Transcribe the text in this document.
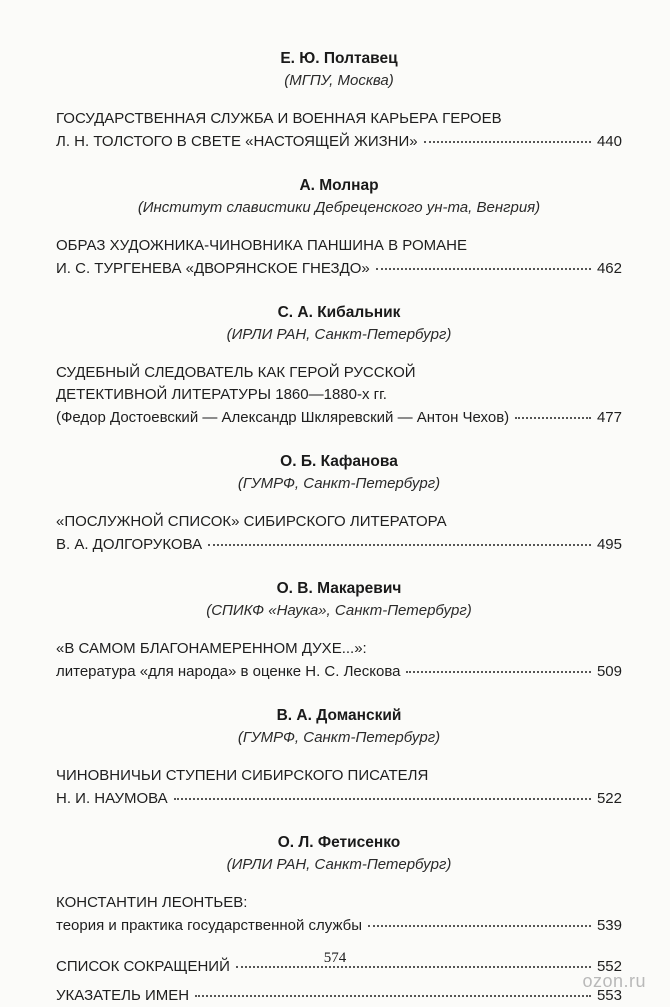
Е. Ю. Полтавец
(МГПУ, Москва)
ГОСУДАРСТВЕННАЯ СЛУЖБА И ВОЕННАЯ КАРЬЕРА ГЕРОЕВ
Л. Н. ТОЛСТОГО В СВЕТЕ «НАСТОЯЩЕЙ ЖИЗНИ»	440
А. Молнар
(Институт славистики Дебреценского ун-та, Венгрия)
ОБРАЗ ХУДОЖНИКА-ЧИНОВНИКА ПАНШИНА В РОМАНЕ
И. С. ТУРГЕНЕВА «ДВОРЯНСКОЕ ГНЕЗДО»	462
С. А. Кибальник
(ИРЛИ РАН, Санкт-Петербург)
СУДЕБНЫЙ СЛЕДОВАТЕЛЬ КАК ГЕРОЙ РУССКОЙ
ДЕТЕКТИВНОЙ ЛИТЕРАТУРЫ 1860—1880-х гг.
(Федор Достоевский — Александр Шкляревский — Антон Чехов)	477
О. Б. Кафанова
(ГУМРФ, Санкт-Петербург)
«ПОСЛУЖНОЙ СПИСОК» СИБИРСКОГО ЛИТЕРАТОРА
В. А. ДОЛГОРУКОВА	495
О. В. Макаревич
(СПИКФ «Наука», Санкт-Петербург)
«В САМОМ БЛАГОНАМЕРЕННОМ ДУХЕ...»:
литература «для народа» в оценке Н. С. Лескова	509
В. А. Доманский
(ГУМРФ, Санкт-Петербург)
ЧИНОВНИЧЬИ СТУПЕНИ СИБИРСКОГО ПИСАТЕЛЯ
Н. И. НАУМОВА	522
О. Л. Фетисенко
(ИРЛИ РАН, Санкт-Петербург)
КОНСТАНТИН ЛЕОНТЬЕВ:
теория и практика государственной службы	539
СПИСОК СОКРАЩЕНИЙ	552
УКАЗАТЕЛЬ ИМЕН	553
574
ozon.ru
